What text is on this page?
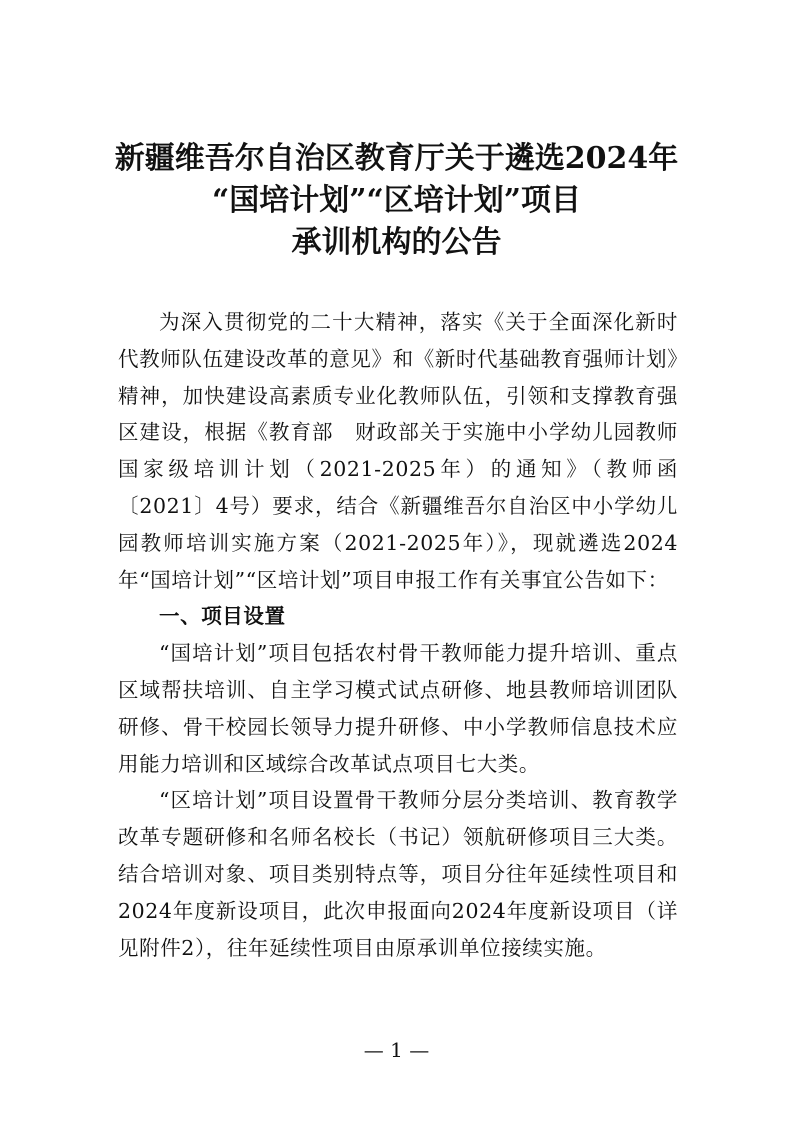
新疆维吾尔自治区教育厅关于遴选2024年
“国培计划”“区培计划”项目
承训机构的公告

为深入贯彻党的二十大精神，落实《关于全面深化新时代教师队伍建设改革的意见》和《新时代基础教育强师计划》精神，加快建设高素质专业化教师队伍，引领和支撑教育强区建设，根据《教育部　财政部关于实施中小学幼儿园教师国家级培训计划（2021-2025年）的通知》（教师函〔2021〕4号）要求，结合《新疆维吾尔自治区中小学幼儿园教师培训实施方案（2021-2025年）》，现就遴选2024年“国培计划”“区培计划”项目申报工作有关事宜公告如下：

一、项目设置

“国培计划”项目包括农村骨干教师能力提升培训、重点区域帮扶培训、自主学习模式试点研修、地县教师培训团队研修、骨干校园长领导力提升研修、中小学教师信息技术应用能力培训和区域综合改革试点项目七大类。

“区培计划”项目设置骨干教师分层分类培训、教育教学改革专题研修和名师名校长（书记）领航研修项目三大类。结合培训对象、项目类别特点等，项目分往年延续性项目和2024年度新设项目，此次申报面向2024年度新设项目（详见附件2），往年延续性项目由原承训单位接续实施。

— 1 —
